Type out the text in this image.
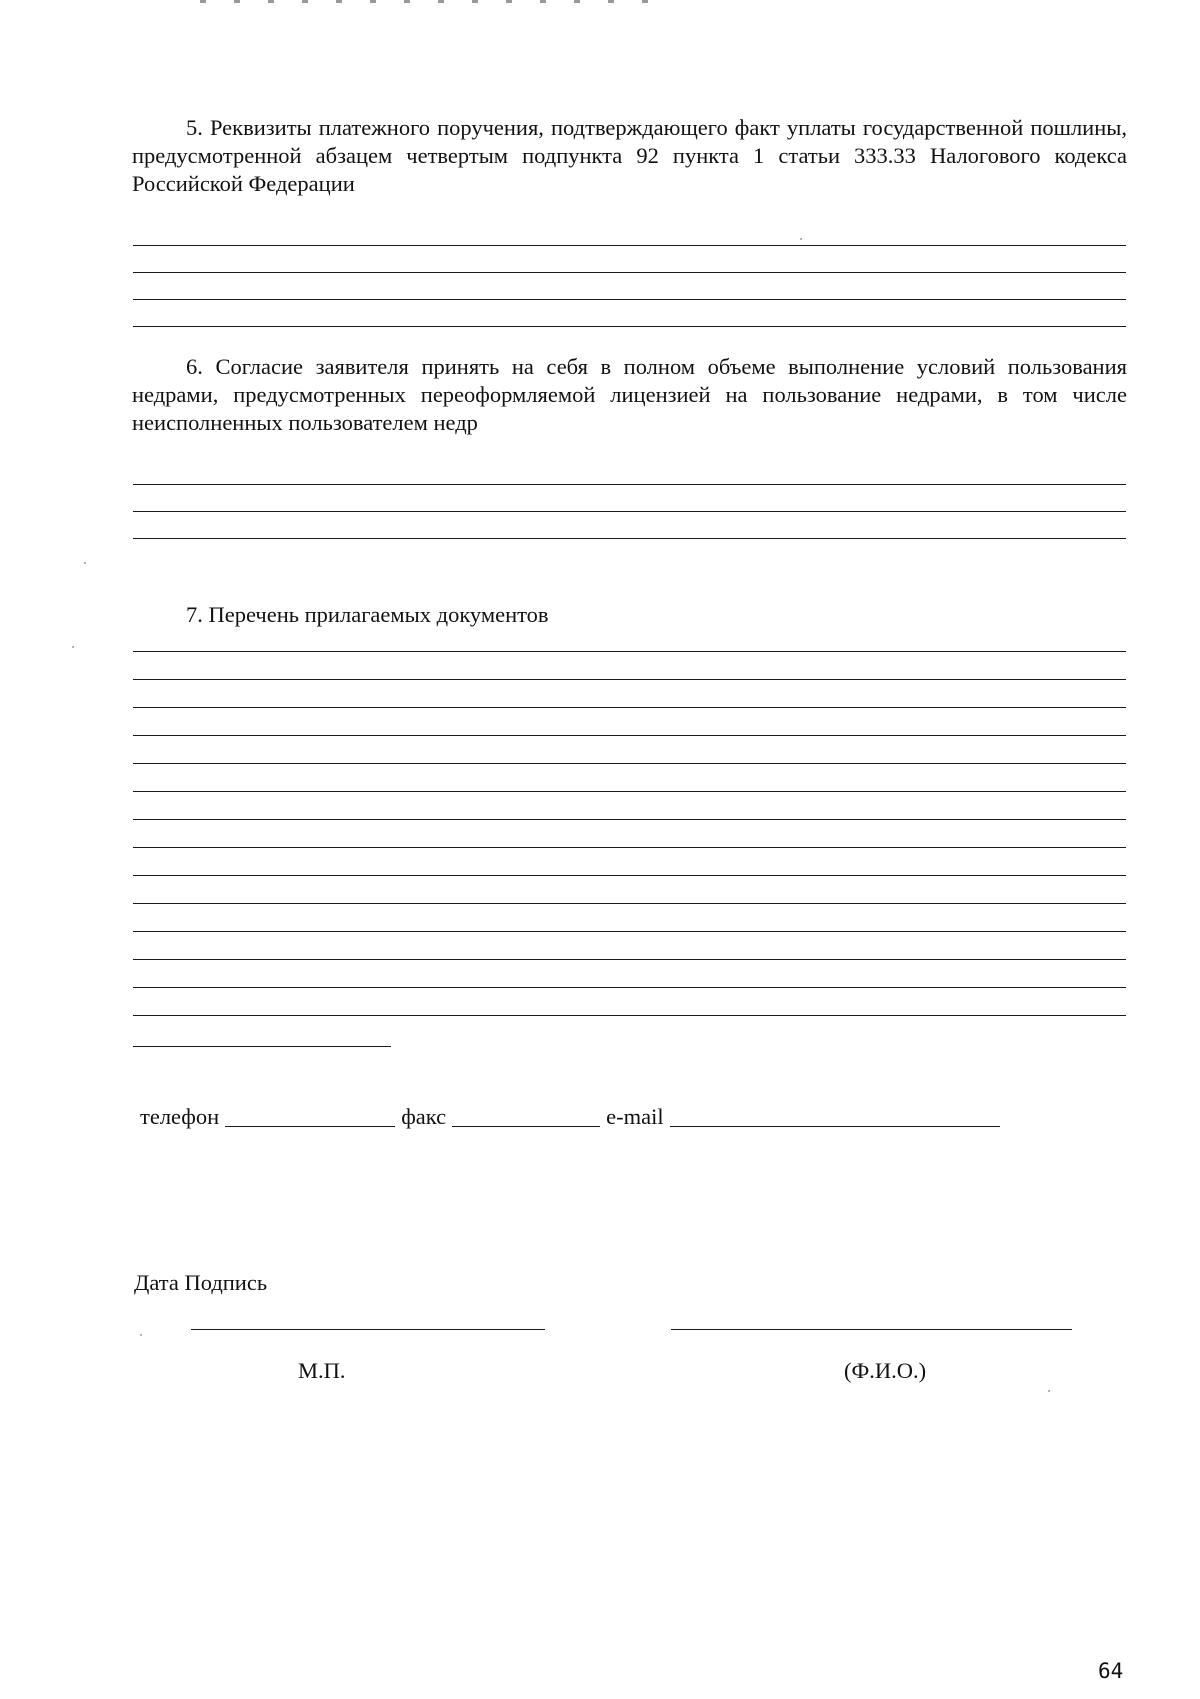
5. Реквизиты платежного поручения, подтверждающего факт уплаты государственной пошлины, предусмотренной абзацем четвертым подпункта 92 пункта 1 статьи 333.33 Налогового кодекса Российской Федерации

6. Согласие заявителя принять на себя в полном объеме выполнение условий пользования недрами, предусмотренных переоформляемой лицензией на пользование недрами, в том числе неисполненных пользователем недр

7. Перечень прилагаемых документов

телефон	факс	e-mail
Дата Подпись
М.П.	(Ф.И.О.)
64
